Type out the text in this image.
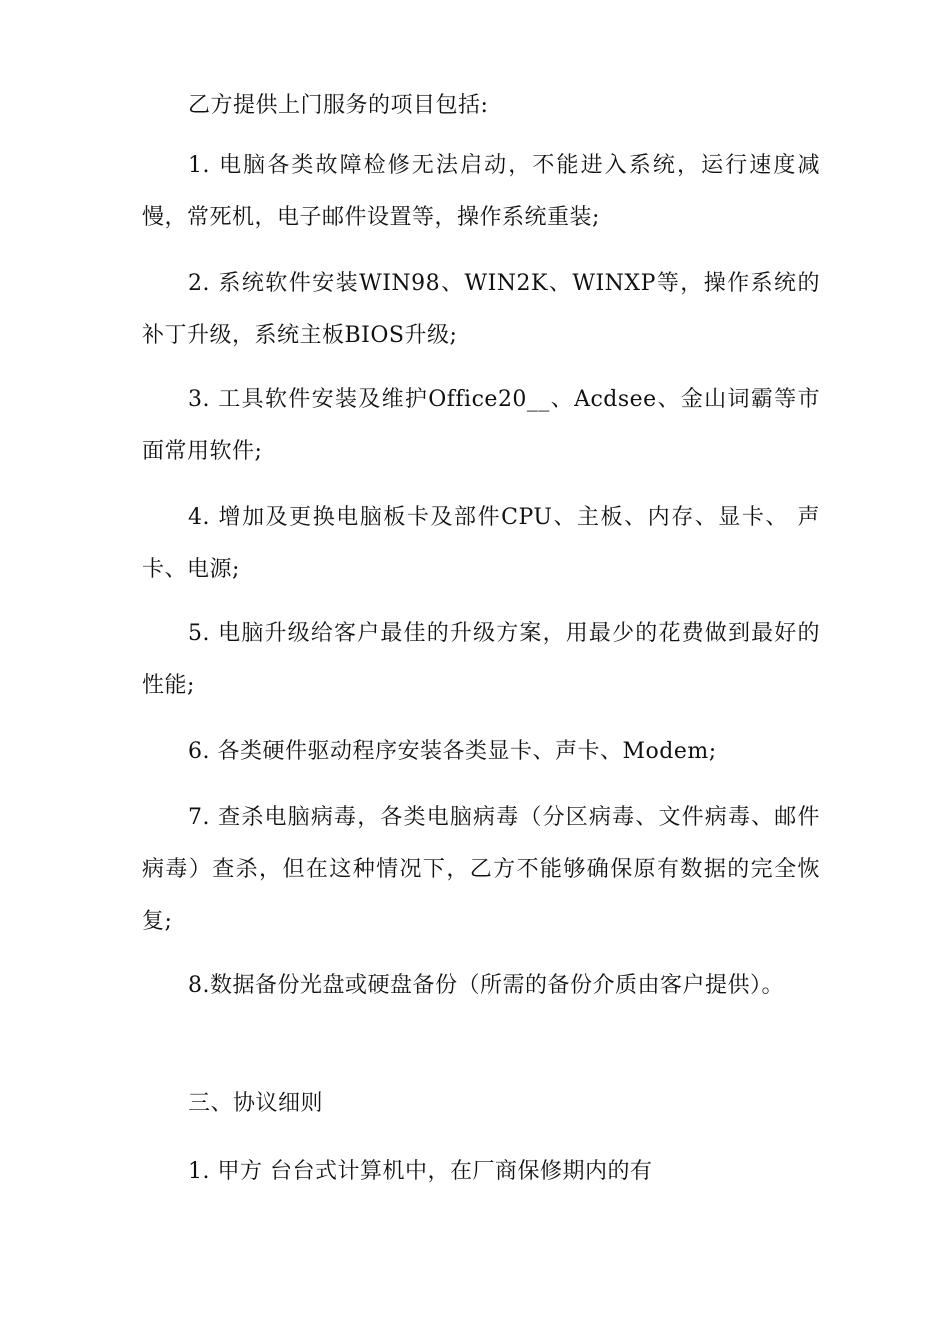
乙方提供上门服务的项目包括:

1. 电脑各类故障检修无法启动，不能进入系统，运行速度减慢，常死机，电子邮件设置等，操作系统重装;

2. 系统软件安装WIN98、WIN2K、WINXP等，操作系统的补丁升级，系统主板BIOS升级;

3. 工具软件安装及维护Office20__、Acdsee、金山词霸等市面常用软件;

4. 增加及更换电脑板卡及部件CPU、主板、内存、显卡、 声卡、电源;

5. 电脑升级给客户最佳的升级方案，用最少的花费做到最好的性能;

6. 各类硬件驱动程序安装各类显卡、声卡、Modem;

7. 查杀电脑病毒，各类电脑病毒（分区病毒、文件病毒、邮件病毒）查杀，但在这种情况下，乙方不能够确保原有数据的完全恢复;

8.数据备份光盘或硬盘备份（所需的备份介质由客户提供）。

三、协议细则

1. 甲方 台台式计算机中，在厂商保修期内的有
